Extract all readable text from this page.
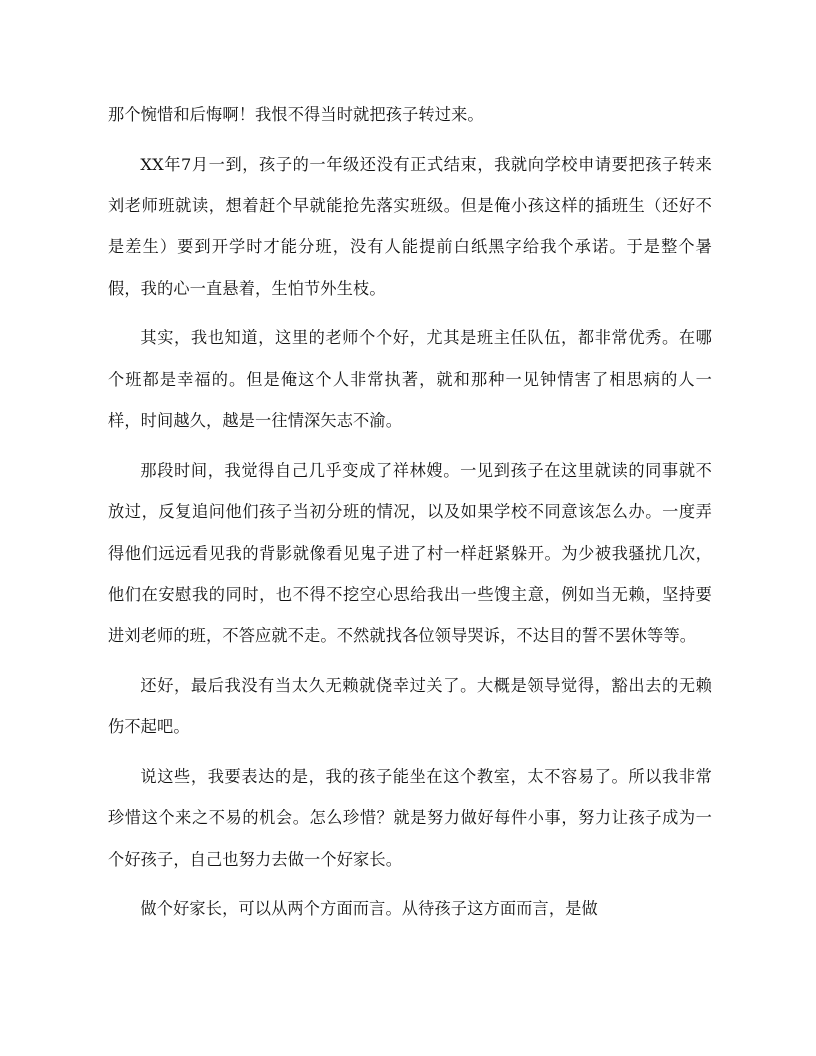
那个惋惜和后悔啊！我恨不得当时就把孩子转过来。

XX年7月一到，孩子的一年级还没有正式结束，我就向学校申请要把孩子转来刘老师班就读，想着赶个早就能抢先落实班级。但是俺小孩这样的插班生（还好不是差生）要到开学时才能分班，没有人能提前白纸黑字给我个承诺。于是整个暑假，我的心一直悬着，生怕节外生枝。

其实，我也知道，这里的老师个个好，尤其是班主任队伍，都非常优秀。在哪个班都是幸福的。但是俺这个人非常执著，就和那种一见钟情害了相思病的人一样，时间越久，越是一往情深矢志不渝。

那段时间，我觉得自己几乎变成了祥林嫂。一见到孩子在这里就读的同事就不放过，反复追问他们孩子当初分班的情况，以及如果学校不同意该怎么办。一度弄得他们远远看见我的背影就像看见鬼子进了村一样赶紧躲开。为少被我骚扰几次，他们在安慰我的同时，也不得不挖空心思给我出一些馊主意，例如当无赖，坚持要进刘老师的班，不答应就不走。不然就找各位领导哭诉，不达目的誓不罢休等等。

还好，最后我没有当太久无赖就侥幸过关了。大概是领导觉得，豁出去的无赖伤不起吧。

说这些，我要表达的是，我的孩子能坐在这个教室，太不容易了。所以我非常珍惜这个来之不易的机会。怎么珍惜？就是努力做好每件小事，努力让孩子成为一个好孩子，自己也努力去做一个好家长。

做个好家长，可以从两个方面而言。从待孩子这方面而言，是做
